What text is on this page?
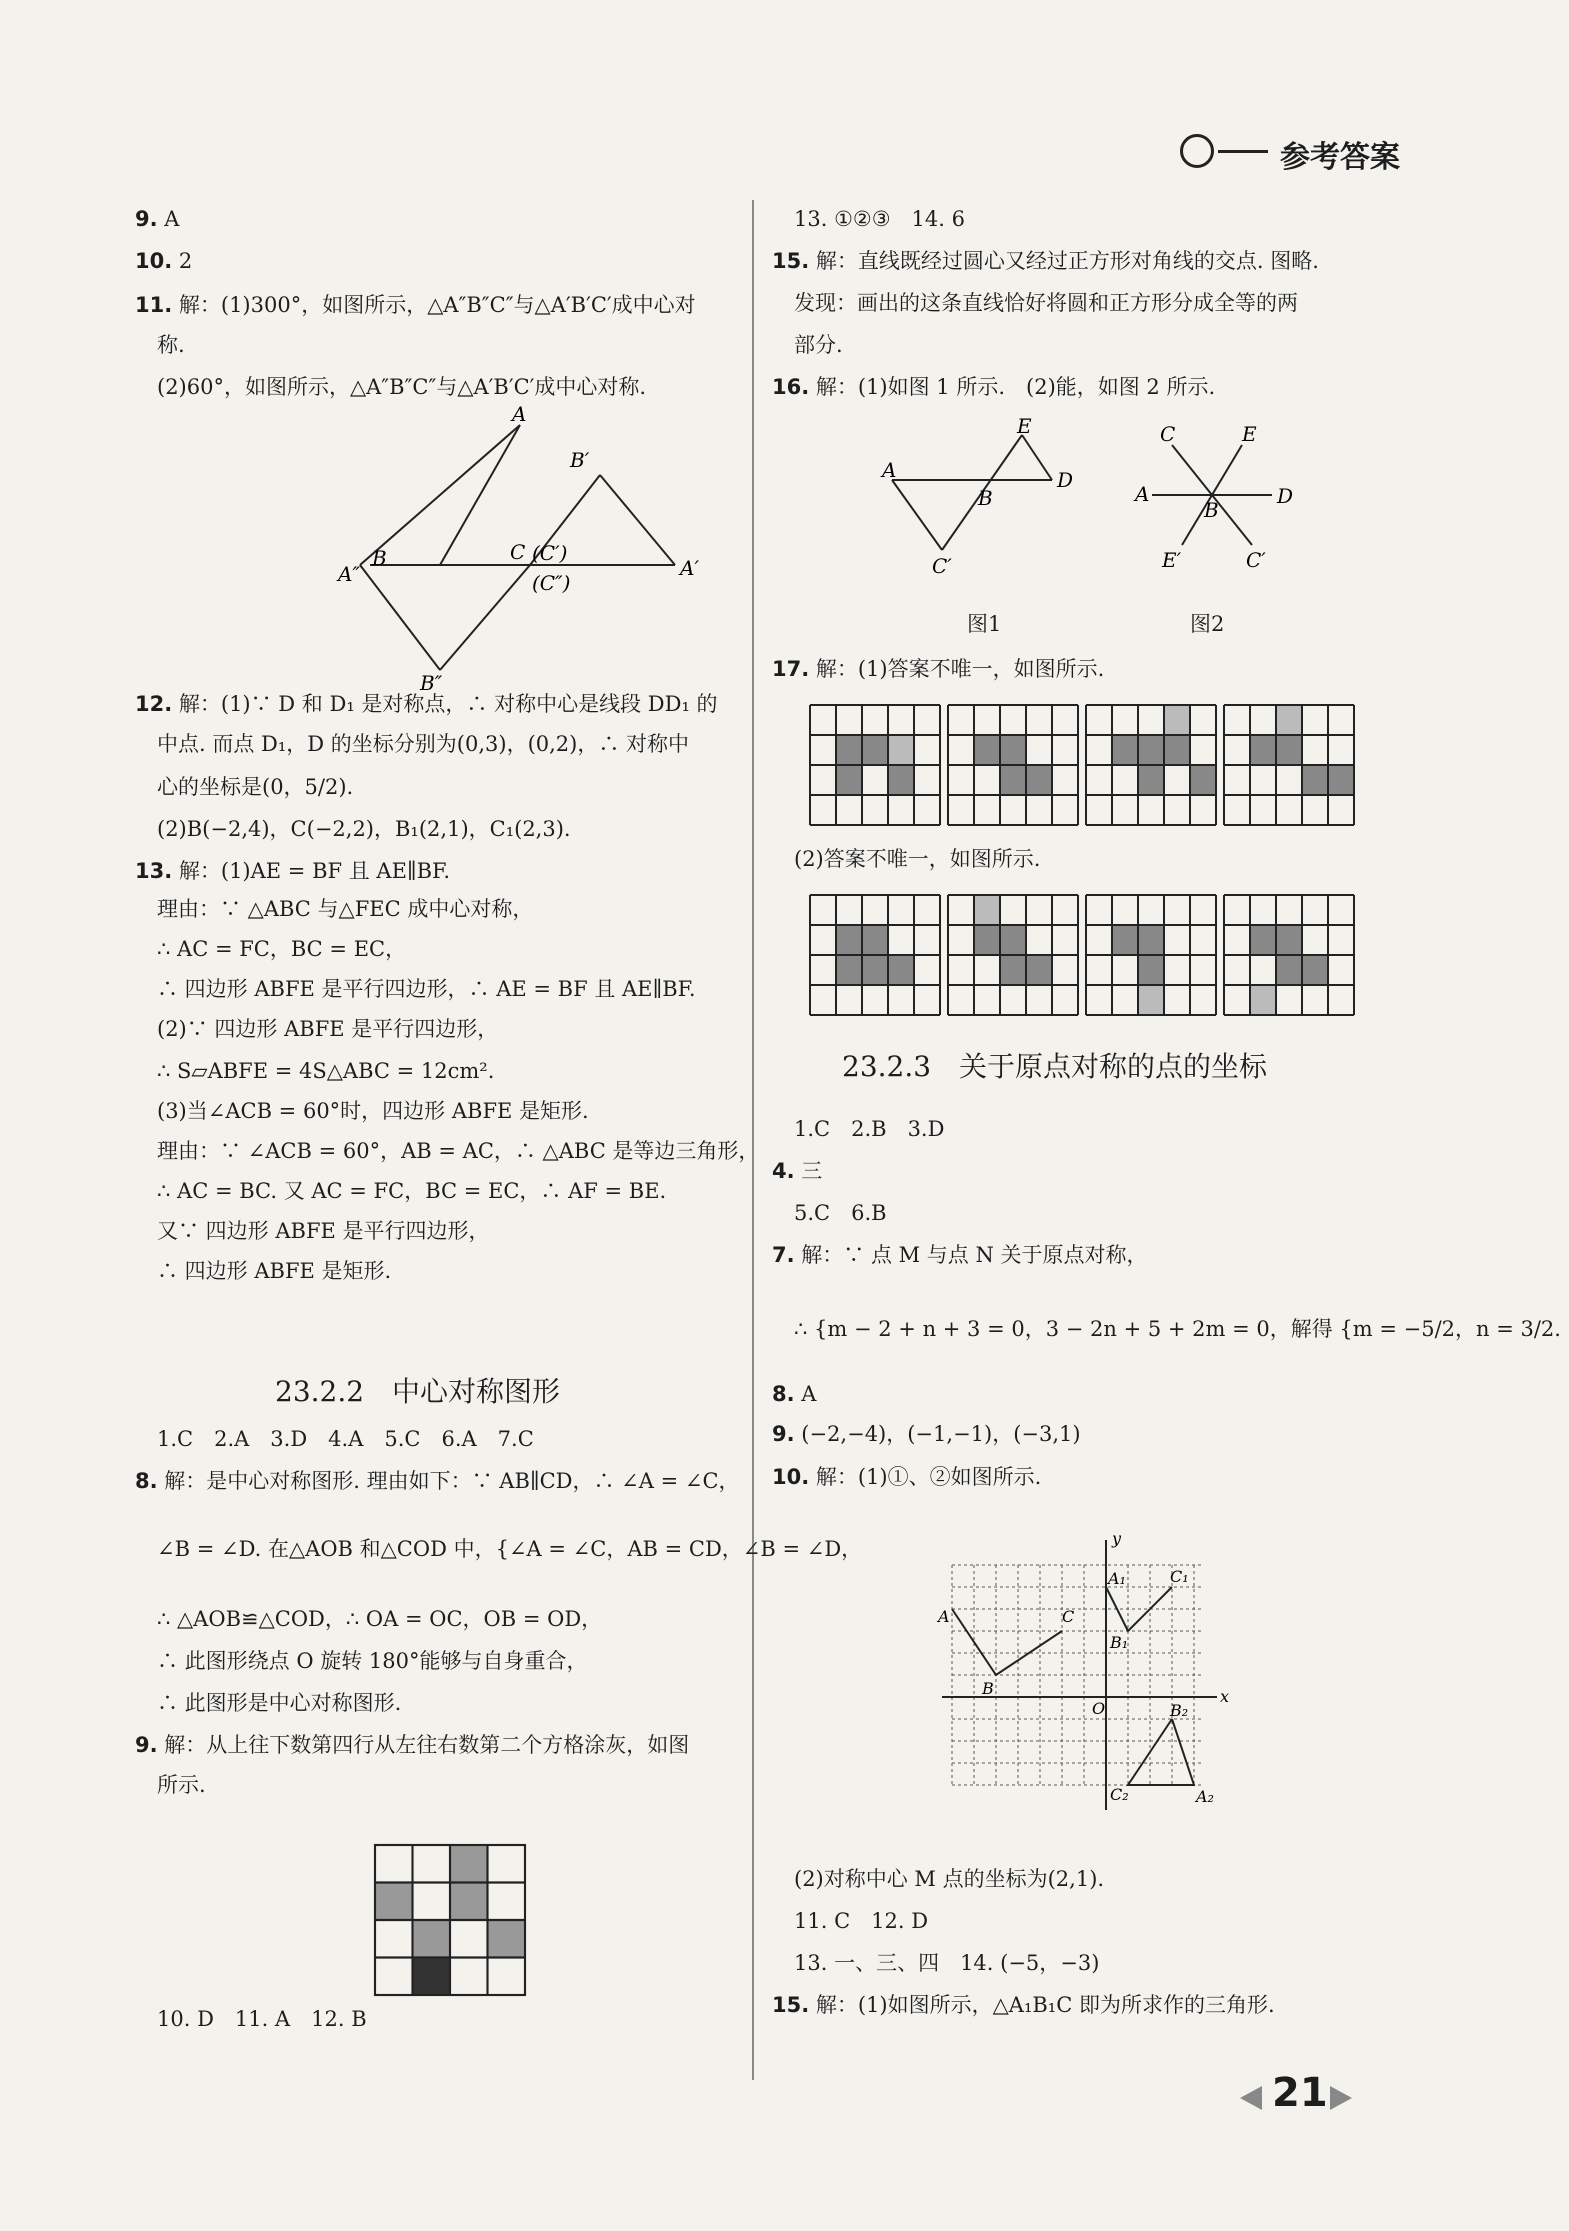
参考答案
9. A
10. 2
11. 解：(1)300°，如图所示，△A″B″C″与△A′B′C′成中心对
称.
(2)60°，如图所示，△A″B″C″与△A′B′C′成中心对称.
12. 解：(1)∵ D 和 D₁ 是对称点，∴ 对称中心是线段 DD₁ 的
中点. 而点 D₁，D 的坐标分别为(0,3)，(0,2)，∴ 对称中
心的坐标是(0，5/2).
(2)B(−2,4)，C(−2,2)，B₁(2,1)，C₁(2,3).
13. 解：(1)AE = BF 且 AE∥BF.
理由：∵ △ABC 与△FEC 成中心对称，
∴ AC = FC，BC = EC，
∴ 四边形 ABFE 是平行四边形，∴ AE = BF 且 AE∥BF.
(2)∵ 四边形 ABFE 是平行四边形，
∴ S▱ABFE = 4S△ABC = 12cm².
(3)当∠ACB = 60°时，四边形 ABFE 是矩形.
理由：∵ ∠ACB = 60°，AB = AC，∴ △ABC 是等边三角形，
∴ AC = BC. 又 AC = FC，BC = EC，∴ AF = BE.
又∵ 四边形 ABFE 是平行四边形，
∴ 四边形 ABFE 是矩形.
A
B′
A″
B	C (C′)
(C″)
A′
B″
23.2.2　中心对称图形
1.C　2.A　3.D　4.A　5.C　6.A　7.C
8. 解：是中心对称图形. 理由如下：∵ AB∥CD，∴ ∠A = ∠C，
∠B = ∠D. 在△AOB 和△COD 中，{∠A = ∠C，AB = CD，∠B = ∠D，
∴ △AOB≌△COD，∴ OA = OC，OB = OD，
∴ 此图形绕点 O 旋转 180°能够与自身重合，
∴ 此图形是中心对称图形.
9. 解：从上往下数第四行从左往右数第二个方格涂灰，如图
所示.
10. D　11. A　12. B
13. ①②③　14. 6
15. 解：直线既经过圆心又经过正方形对角线的交点. 图略.
发现：画出的这条直线恰好将圆和正方形分成全等的两
部分.
16. 解：(1)如图 1 所示.　(2)能，如图 2 所示.
17. 解：(1)答案不唯一，如图所示.
(2)答案不唯一，如图所示.
A
E
D
B
C′
A	D
C	E
B
E′	C′
图1	图2
23.2.3　关于原点对称的点的坐标
1.C　2.B　3.D
4. 三
5.C　6.B
7. 解：∵ 点 M 与点 N 关于原点对称，
∴ {m − 2 + n + 3 = 0，3 − 2n + 5 + 2m = 0，解得 {m = −5/2，n = 3/2.
8. A
9. (−2,−4)，(−1,−1)，(−3,1)
10. 解：(1)①、②如图所示.
(2)对称中心 M 点的坐标为(2,1).
11. C　12. D
13. 一、三、四　14. (−5，−3)
15. 解：(1)如图所示，△A₁B₁C 即为所求作的三角形.
y
x
O
A
B
C
A₁	C₁
B₁
B₂
C₂	A₂
21
